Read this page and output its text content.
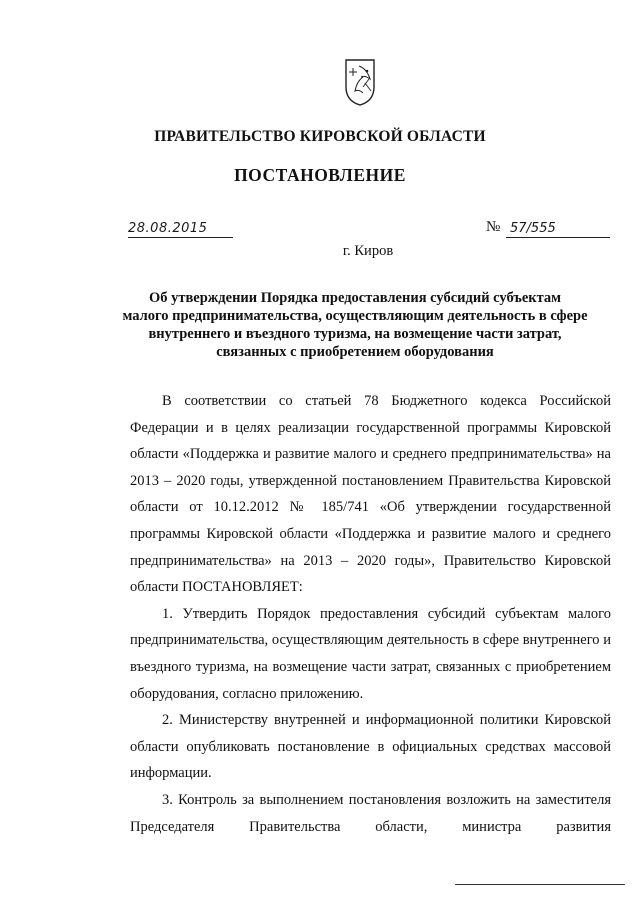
ПРАВИТЕЛЬСТВО КИРОВСКОЙ ОБЛАСТИ
ПОСТАНОВЛЕНИЕ
28.08.2015	№ 57/555
г. Киров
Об утверждении Порядка предоставления субсидий субъектам
малого предпринимательства, осуществляющим деятельность в сфере
внутреннего и въездного туризма, на возмещение части затрат,
связанных с приобретением оборудования
В соответствии со статьей 78 Бюджетного кодекса Российской
Федерации и в целях реализации государственной программы Кировской
области «Поддержка и развитие малого и среднего предпринимательства» на
2013 – 2020 годы, утвержденной постановлением Правительства Кировской
области от 10.12.2012 № 185/741 «Об утверждении государственной
программы Кировской области «Поддержка и развитие малого и среднего
предпринимательства» на 2013 – 2020 годы», Правительство Кировской
области ПОСТАНОВЛЯЕТ:
1. Утвердить Порядок предоставления субсидий субъектам малого
предпринимательства, осуществляющим деятельность в сфере внутреннего и
въездного туризма, на возмещение части затрат, связанных с приобретением
оборудования, согласно приложению.
2. Министерству внутренней и информационной политики Кировской
области опубликовать постановление в официальных средствах массовой
информации.
3. Контроль за выполнением постановления возложить на заместителя
Председателя Правительства области, министра развития
